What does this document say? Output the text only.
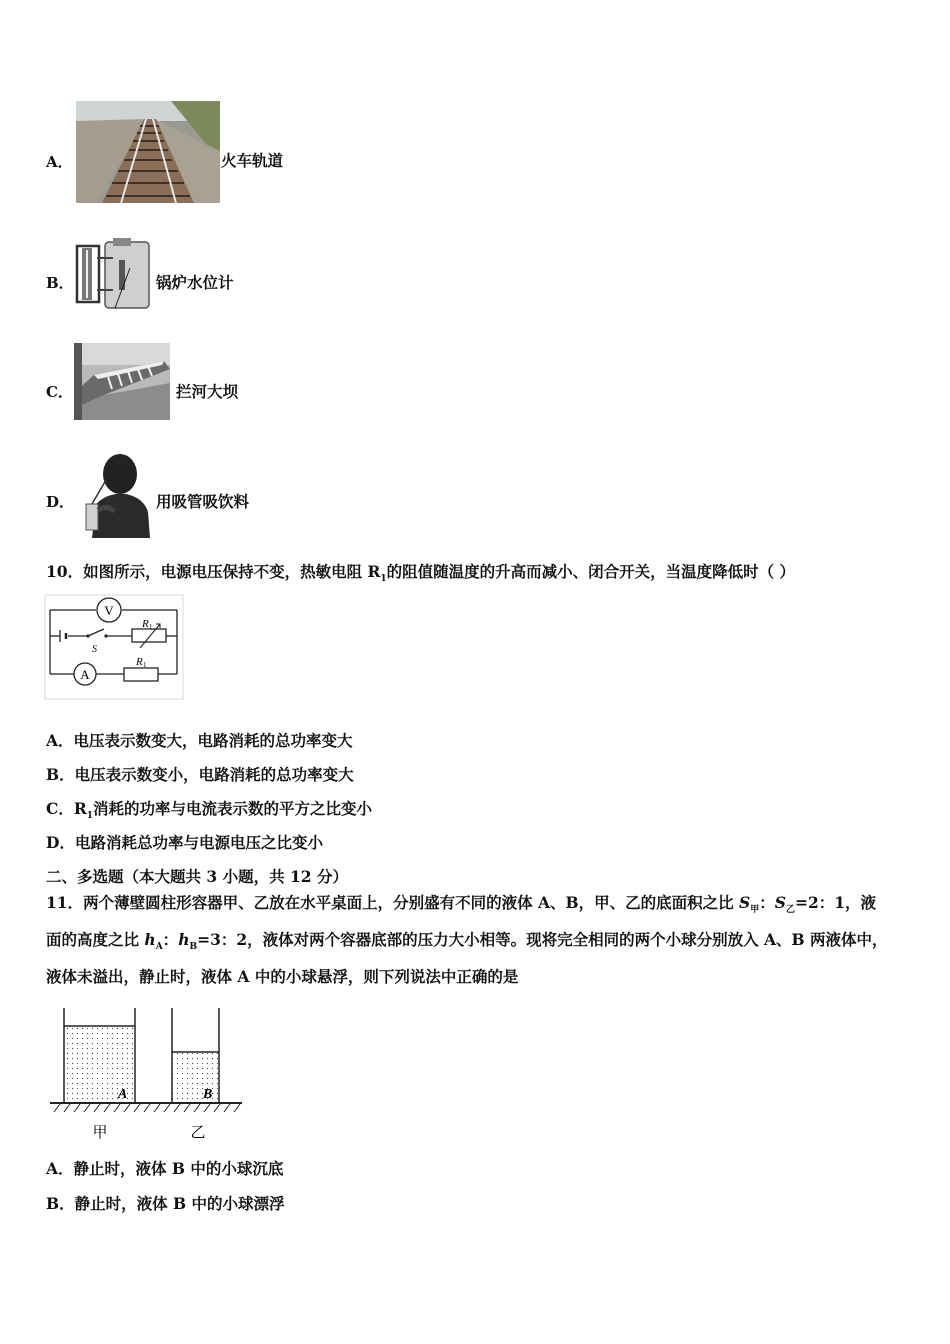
A．	火车轨道
B．	锅炉水位计
C．	拦河大坝
D．	用吸管吸饮料
10．如图所示，电源电压保持不变，热敏电阻 $R_1$的阻值随温度的升高而减小、闭合开关，当温度降低时（ ）
V
A
S
R 1
R 1
A．电压表示数变大，电路消耗的总功率变大
B．电压表示数变小，电路消耗的总功率变大
C．$R_1$消耗的功率与电流表示数的平方之比变小
D．电路消耗总功率与电源电压之比变小
二、多选题（本大题共 3 小题，共 12 分）
11．两个薄壁圆柱形容器甲、乙放在水平桌面上，分别盛有不同的液体 A、B，甲、乙的底面积之比 $S_甲$：$S_乙=2$：1，液
面的高度之比 $h_A$：$h_B=3$：2，液体对两个容器底部的压力大小相等。现将完全相同的两个小球分别放入 A、B 两液体中，
液体未溢出，静止时，液体 A 中的小球悬浮，则下列说法中正确的是
A	B
甲	乙
A．静止时，液体 B 中的小球沉底
B．静止时，液体 B 中的小球漂浮
